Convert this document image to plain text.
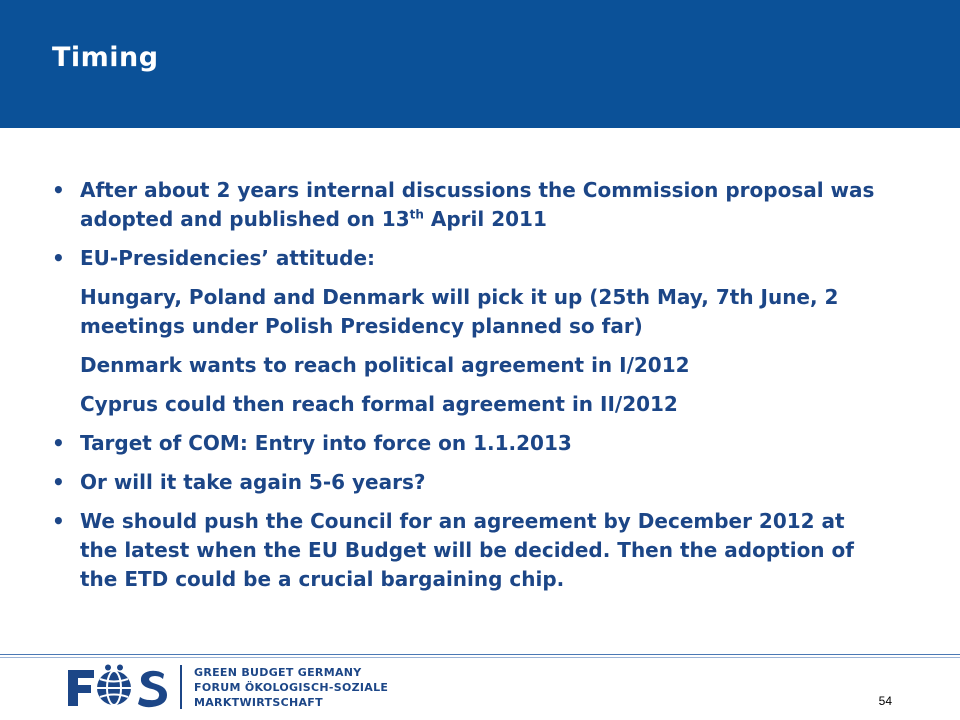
Timing
• After about 2 years internal discussions the Commission proposal was adopted and published on 13th April 2011
• EU-Presidencies’ attitude:
Hungary, Poland and Denmark will pick it up (25th May, 7th June, 2 meetings under Polish Presidency planned so far)
Denmark wants to reach political agreement in I/2012
Cyprus could then reach formal agreement in II/2012
• Target of COM: Entry into force on 1.1.2013
• Or will it take again 5-6 years?
• We should push the Council for an agreement by December 2012 at the latest when the EU Budget will be decided. Then the adoption of the ETD could be a crucial bargaining chip.
GREEN BUDGET GERMANY
FORUM ÖKOLOGISCH-SOZIALE
MARKTWIRTSCHAFT	54
